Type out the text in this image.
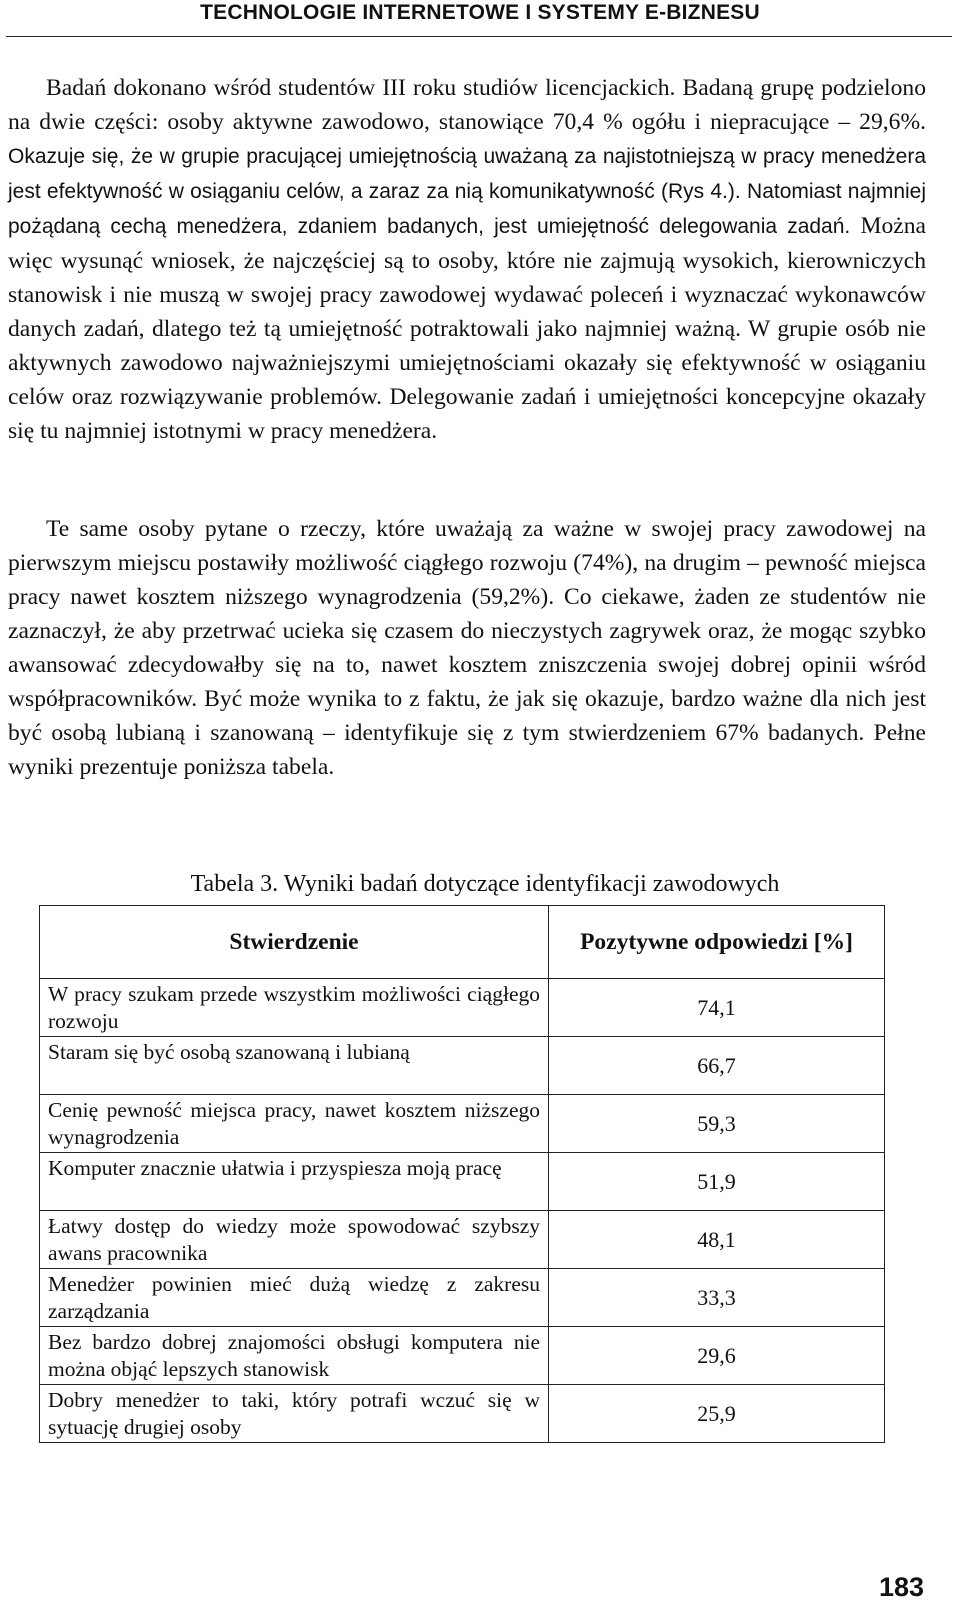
TECHNOLOGIE INTERNETOWE I SYSTEMY E-BIZNESU

Badań dokonano wśród studentów III roku studiów licencjackich. Badaną grupę podzielono na dwie części: osoby aktywne zawodowo, stanowiące 70,4 % ogółu i niepracujące – 29,6%. Okazuje się, że w grupie pracującej umiejętnością uważaną za najistotniejszą w pracy menedżera jest efektywność w osiąganiu celów, a zaraz za nią komunikatywność (Rys 4.). Natomiast najmniej pożądaną cechą menedżera, zdaniem badanych, jest umiejętność delegowania zadań. Można więc wysunąć wniosek, że najczęściej są to osoby, które nie zajmują wysokich, kierowniczych stanowisk i nie muszą w swojej pracy zawodowej wydawać poleceń i wyznaczać wykonawców danych zadań, dlatego też tą umiejętność potraktowali jako najmniej ważną. W grupie osób nie aktywnych zawodowo najważniejszymi umiejętnościami okazały się efektywność w osiąganiu celów oraz rozwiązywanie problemów. Delegowanie zadań i umiejętności koncepcyjne okazały się tu najmniej istotnymi w pracy menedżera.

Te same osoby pytane o rzeczy, które uważają za ważne w swojej pracy zawodowej na pierwszym miejscu postawiły możliwość ciągłego rozwoju (74%), na drugim – pewność miejsca pracy nawet kosztem niższego wynagrodzenia (59,2%). Co ciekawe, żaden ze studentów nie zaznaczył, że aby przetrwać ucieka się czasem do nieczystych zagrywek oraz, że mogąc szybko awansować zdecydowałby się na to, nawet kosztem zniszczenia swojej dobrej opinii wśród współpracowników. Być może wynika to z faktu, że jak się okazuje, bardzo ważne dla nich jest być osobą lubianą i szanowaną – identyfikuje się z tym stwierdzeniem 67% badanych. Pełne wyniki prezentuje poniższa tabela.

Tabela 3. Wyniki badań dotyczące identyfikacji zawodowych
Stwierdzenie	Pozytywne odpowiedzi [%]
W pracy szukam przede wszystkim możliwości ciągłego rozwoju	74,1
Staram się być osobą szanowaną i lubianą	66,7
Cenię pewność miejsca pracy, nawet kosztem niższego wynagrodzenia	59,3
Komputer znacznie ułatwia i przyspiesza moją pracę	51,9
Łatwy dostęp do wiedzy może spowodować szybszy awans pracownika	48,1
Menedżer powinien mieć dużą wiedzę z zakresu zarządzania	33,3
Bez bardzo dobrej znajomości obsługi komputera nie można objąć lepszych stanowisk	29,6
Dobry menedżer to taki, który potrafi wczuć się w sytuację drugiej osoby	25,9
183
